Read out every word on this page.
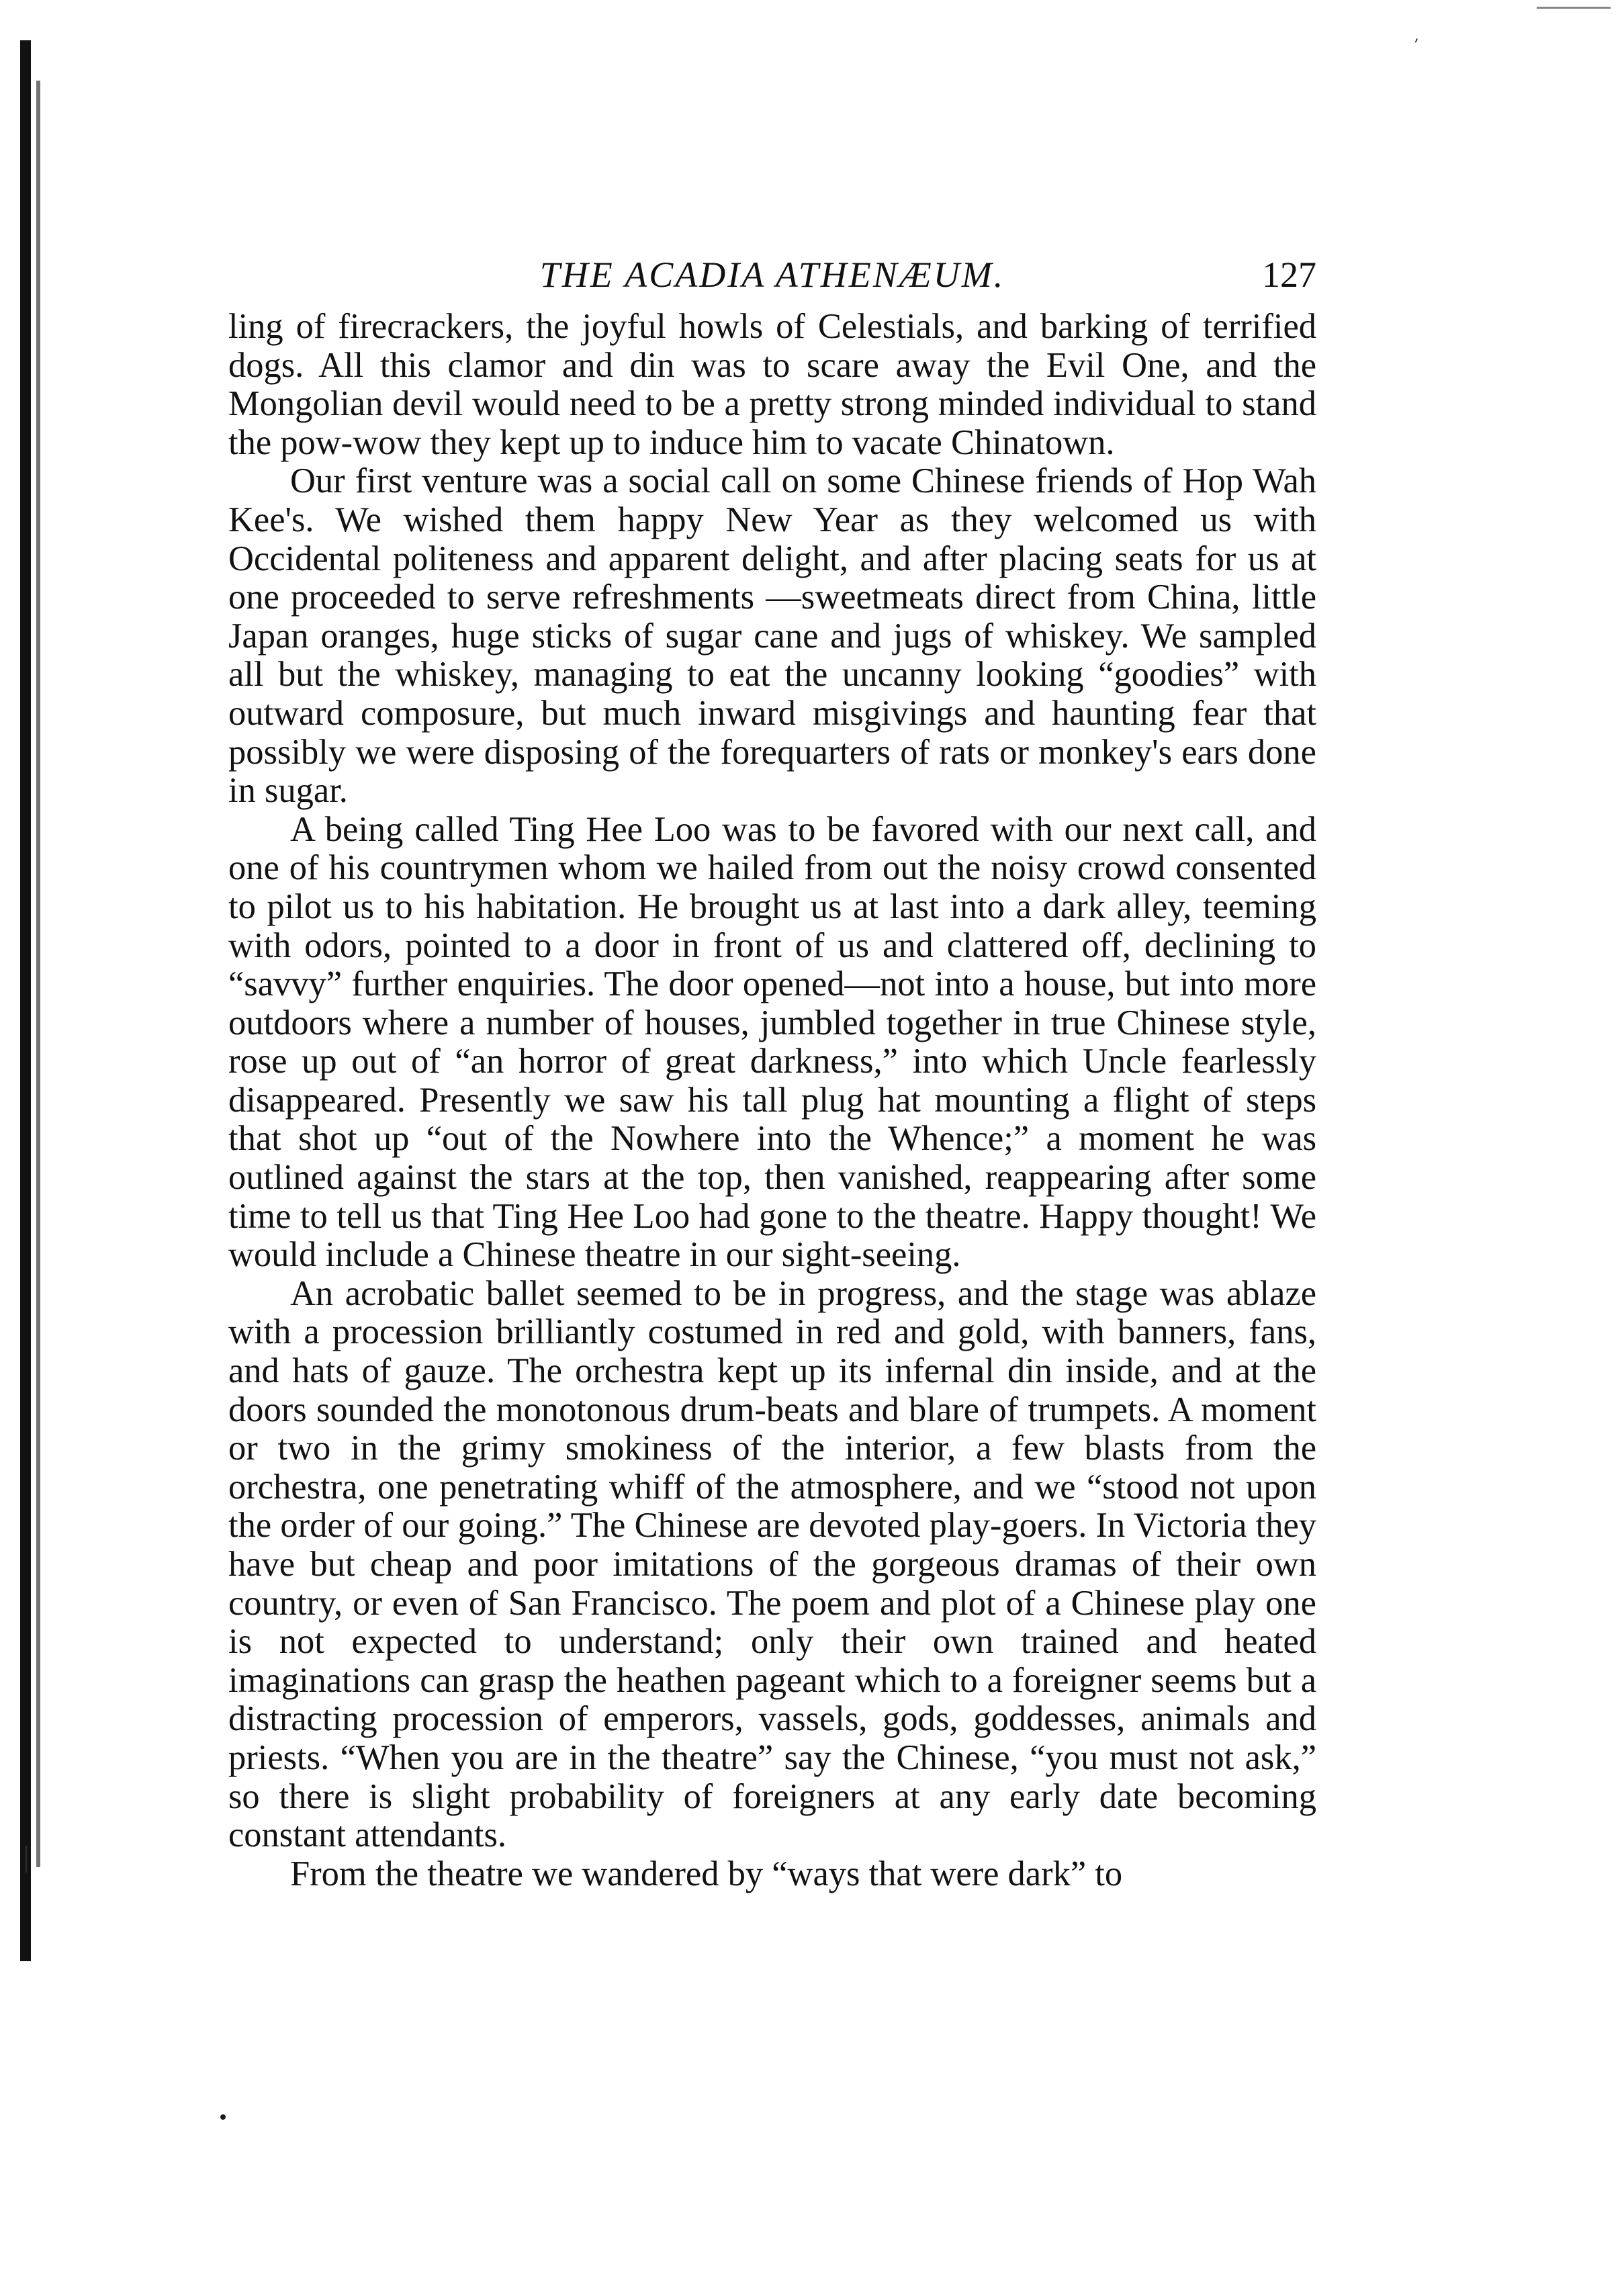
,
THE ACADIA ATHENÆUM.	127

ling of firecrackers, the joyful howls of Celestials, and barking of terrified dogs. All this clamor and din was to scare away the Evil One, and the Mongolian devil would need to be a pretty strong minded individual to stand the pow-wow they kept up to induce him to vacate Chinatown.

Our first venture was a social call on some Chinese friends of Hop Wah Kee's. We wished them happy New Year as they welcomed us with Occidental politeness and apparent delight, and after placing seats for us at one proceeded to serve refreshments —sweetmeats direct from China, little Japan oranges, huge sticks of sugar cane and jugs of whiskey. We sampled all but the whiskey, managing to eat the uncanny looking “goodies” with outward composure, but much inward misgivings and haunting fear that possibly we were disposing of the forequarters of rats or monkey's ears done in sugar.

A being called Ting Hee Loo was to be favored with our next call, and one of his countrymen whom we hailed from out the noisy crowd consented to pilot us to his habitation. He brought us at last into a dark alley, teeming with odors, pointed to a door in front of us and clattered off, declining to “savvy” further enquiries. The door opened—not into a house, but into more outdoors where a number of houses, jumbled together in true Chinese style, rose up out of “an horror of great darkness,” into which Uncle fearlessly disappeared. Presently we saw his tall plug hat mounting a flight of steps that shot up “out of the Nowhere into the Whence;” a moment he was outlined against the stars at the top, then vanished, reappearing after some time to tell us that Ting Hee Loo had gone to the theatre. Happy thought! We would include a Chinese theatre in our sight-seeing.

An acrobatic ballet seemed to be in progress, and the stage was ablaze with a procession brilliantly costumed in red and gold, with banners, fans, and hats of gauze. The orchestra kept up its infernal din inside, and at the doors sounded the monotonous drum-beats and blare of trumpets. A moment or two in the grimy smokiness of the interior, a few blasts from the orchestra, one penetrating whiff of the atmosphere, and we “stood not upon the order of our going.” The Chinese are devoted play-goers. In Victoria they have but cheap and poor imitations of the gorgeous dramas of their own country, or even of San Francisco. The poem and plot of a Chinese play one is not expected to understand; only their own trained and heated imaginations can grasp the heathen pageant which to a foreigner seems but a distracting procession of emperors, vassels, gods, goddesses, animals and priests. “When you are in the theatre” say the Chinese, “you must not ask,” so there is slight probability of foreigners at any early date becoming constant attendants.

From the theatre we wandered by “ways that were dark” to
